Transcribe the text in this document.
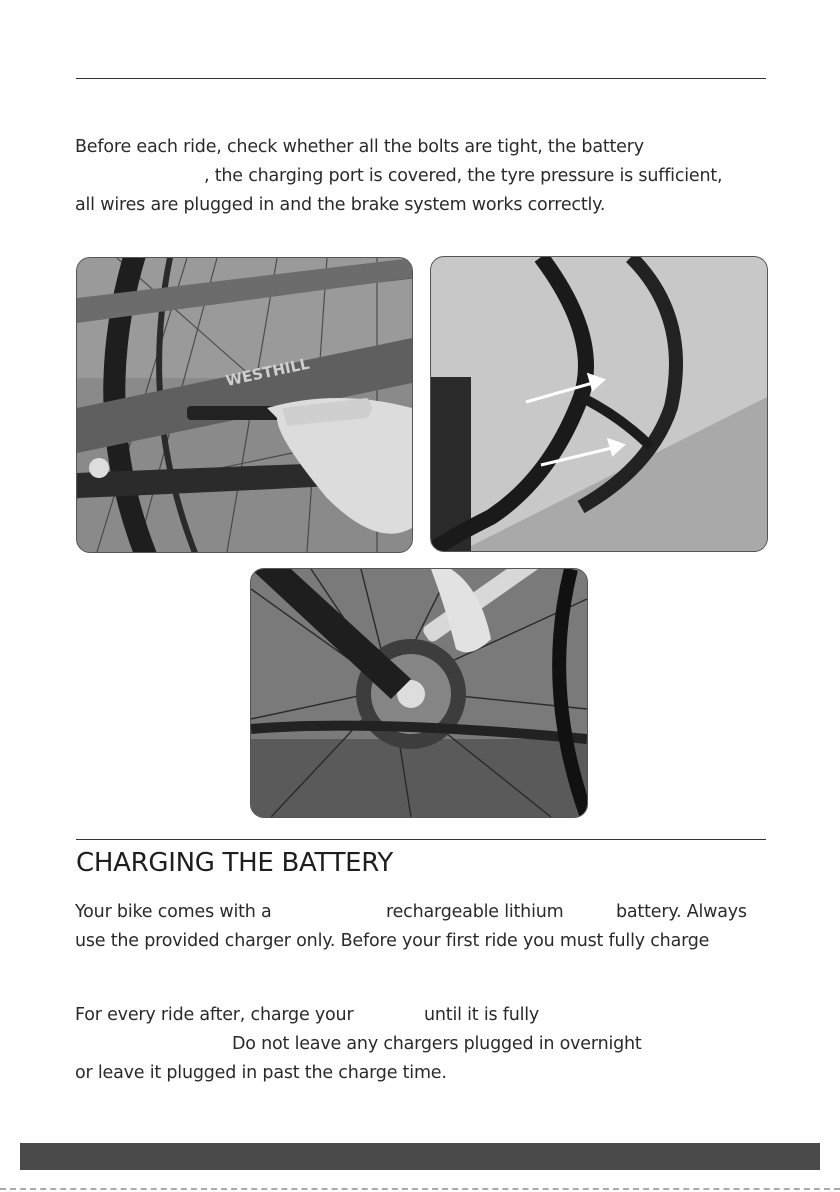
Before each ride, check whether all the bolts are tight, the battery
, the charging port is covered, the tyre pressure is sufficient,
all wires are plugged in and the brake system works correctly.
WESTHILL
CHARGING THE BATTERY
Your bike comes with a	rechargeable lithium	battery. Always
use the provided charger only. Before your first ride you must fully charge
For every ride after, charge your	until it is fully
Do not leave any chargers plugged in overnight
or leave it plugged in past the charge time.
